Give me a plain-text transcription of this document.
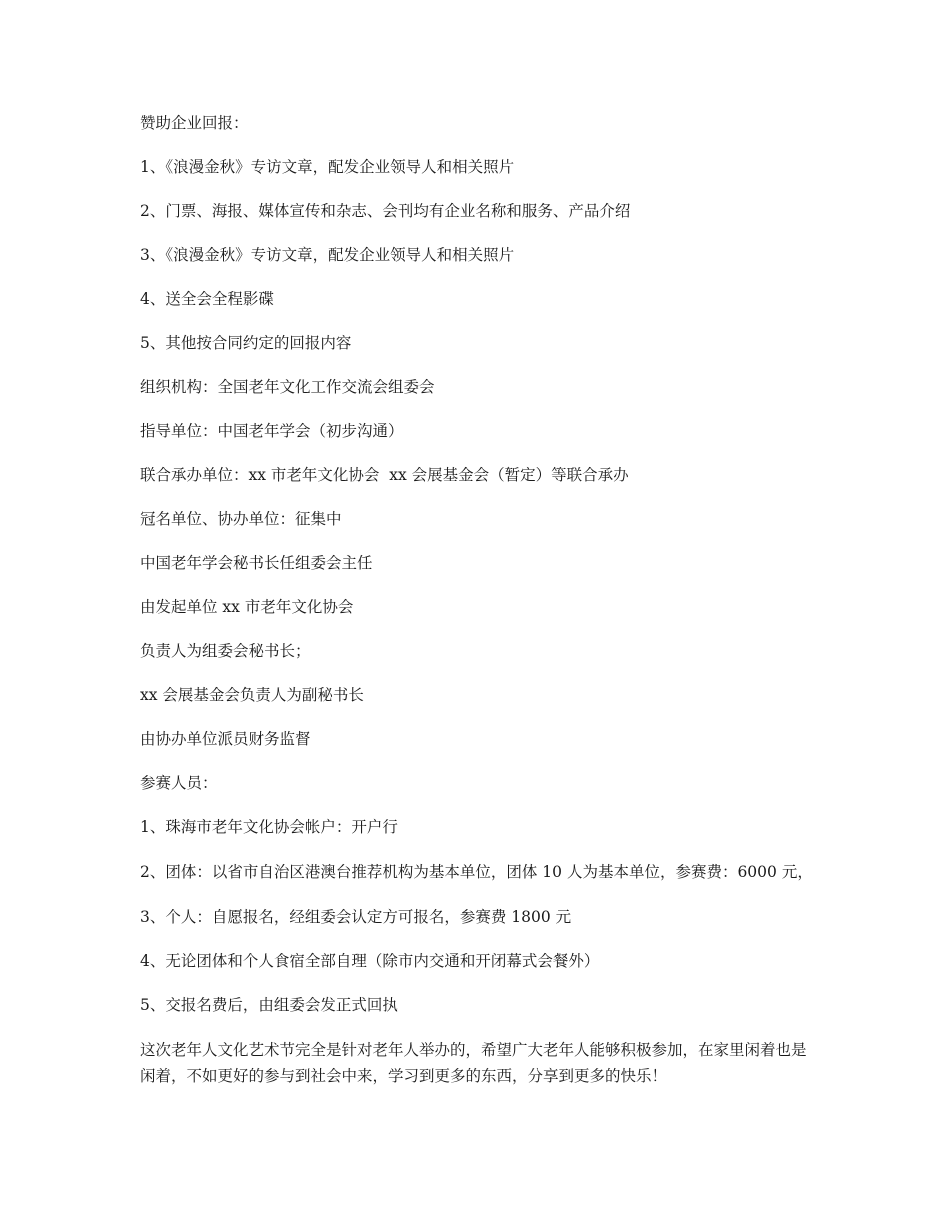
赞助企业回报：

1、《浪漫金秋》专访文章，配发企业领导人和相关照片

2、门票、海报、媒体宣传和杂志、会刊均有企业名称和服务、产品介绍

3、《浪漫金秋》专访文章，配发企业领导人和相关照片

4、送全会全程影碟

5、其他按合同约定的回报内容

组织机构：全国老年文化工作交流会组委会

指导单位：中国老年学会（初步沟通）

联合承办单位：xx 市老年文化协会  xx 会展基金会（暂定）等联合承办

冠名单位、协办单位：征集中

中国老年学会秘书长任组委会主任

由发起单位 xx 市老年文化协会

负责人为组委会秘书长；

xx 会展基金会负责人为副秘书长

由协办单位派员财务监督

参赛人员：

1、珠海市老年文化协会帐户：开户行

2、团体：以省市自治区港澳台推荐机构为基本单位，团体 10 人为基本单位，参赛费：6000 元，

3、个人：自愿报名，经组委会认定方可报名，参赛费 1800 元

4、无论团体和个人食宿全部自理（除市内交通和开闭幕式会餐外）

5、交报名费后，由组委会发正式回执

这次老年人文化艺术节完全是针对老年人举办的，希望广大老年人能够积极参加，在家里闲着也是闲着，不如更好的参与到社会中来，学习到更多的东西，分享到更多的快乐！
